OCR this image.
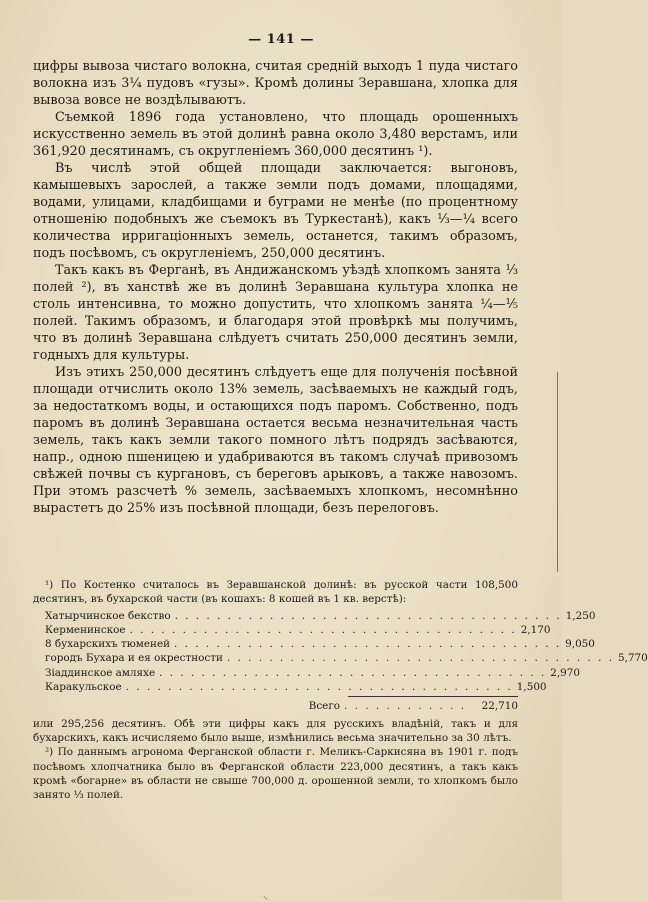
— 141 —

цифры вывоза чистаго волокна, считая среднiй выходъ 1 пуда чистаго волокна изъ 3¼ пудовъ «гузы». Кромѣ долины Зеравшана, хлопка для вывоза вовсе не воздѣлываютъ.

Съемкой 1896 года установлено, что площадь орошенныхъ искусственно земель въ этой долинѣ равна около 3,480 верстамъ, или 361,920 десятинамъ, съ округленiемъ 360,000 десятинъ ¹).

Въ числѣ этой общей площади заключается: выгоновъ, камышевыхъ зарослей, а также земли подъ домами, площадями, водами, улицами, кладбищами и буграми не менѣе (по процентному отношенiю подобныхъ же съемокъ въ Туркестанѣ), какъ ⅓—¼ всего количества ирригацiонныхъ земель, останется, такимъ образомъ, подъ посѣвомъ, съ округленiемъ, 250,000 десятинъ.

Такъ какъ въ Ферганѣ, въ Андижанскомъ уѣздѣ хлопкомъ занята ⅓ полей ²), въ ханствѣ же въ долинѣ Зеравшана культура хлопка не столь интенсивна, то можно допустить, что хлопкомъ занята ¼—⅕ полей. Такимъ образомъ, и благодаря этой провѣркѣ мы получимъ, что въ долинѣ Зеравшана слѣдуетъ считать 250,000 десятинъ земли, годныхъ для культуры.

Изъ этихъ 250,000 десятинъ слѣдуетъ еще для полученiя посѣвной площади отчислить около 13% земель, засѣваемыхъ не каждый годъ, за недостаткомъ воды, и остающихся подъ паромъ. Собственно, подъ паромъ въ долинѣ Зеравшана остается весьма незначительная часть земель, такъ какъ земли такого помного лѣтъ подрядъ засѣваются, напр., одною пшеницею и удабриваются въ такомъ случаѣ привозомъ свѣжей почвы съ кургановъ, съ береговъ арыковъ, а также навозомъ. При этомъ разсчетѣ % земель, засѣваемыхъ хлопкомъ, несомнѣнно вырастетъ до 25% изъ посѣвной площади, безъ перелоговъ.

¹) По Костенко считалось въ Зеравшанской долинѣ: въ русской части 108,500 десятинъ, въ бухарской части (въ кошахъ: 8 кошей въ 1 кв. верстѣ):

Хатырчинское бекство . . . . . . . . . . . . . . . . . . . . . . . . . . . . . . . . . . . . . 1,250
Керменинское . . . . . . . . . . . . . . . . . . . . . . . . . . . . . . . . . . . . . 2,170
8 бухарскихъ тюменей . . . . . . . . . . . . . . . . . . . . . . . . . . . . . . . . . . . . . 9,050
городъ Бухара и ея окрестности . . . . . . . . . . . . . . . . . . . . . . . . . . . . . . . . . . . . . 5,770
Зiаддинское амляхе . . . . . . . . . . . . . . . . . . . . . . . . . . . . . . . . . . . . . 2,970
Каракульское . . . . . . . . . . . . . . . . . . . . . . . . . . . . . . . . . . . . . 1,500
Всего . . . . . . . . . . . .	22,710

или 295,256 десятинъ. Обѣ эти цифры какъ для русскихъ владѣнiй, такъ и для бухарскихъ, какъ исчисляемо было выше, измѣнились весьма значительно за 30 лѣтъ.

²) По даннымъ агронома Ферганской области г. Меликъ-Саркисяна въ 1901 г. подъ посѣвомъ хлопчатника было въ Ферганской области 223,000 десятинъ, а такъ какъ кромѣ «богарнe» въ области не свыше 700,000 д. орошенной земли, то хлопкомъ было занято ⅓ полей.

⸜
